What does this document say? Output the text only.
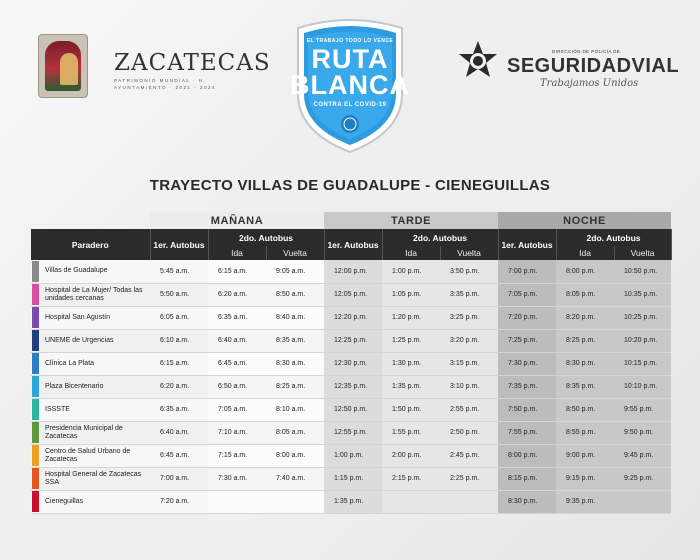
ZACATECAS
PATRIMONIO MUNDIAL · H. AYUNTAMIENTO · 2021 - 2024
EL TRABAJO TODO LO VENCE
RUTA
BLANCA
CONTRA EL COVID-19
DIRECCIÓN DE POLICÍA DE
SEGURIDADVIAL
Trabajamos Unidos
TRAYECTO VILLAS DE GUADALUPE - CIENEGUILLAS
		MAÑANA			TARDE			NOCHE		
Paradero		1er. Autobus	2do. Autobus		1er. Autobus	2do. Autobus		1er. Autobus	2do. Autobus	
			Ida	Vuelta		Ida	Vuelta		Ida	Vuelta

	Villas de Guadalupe	5:45 a.m.	6:15 a.m.	9:05 a.m.	12:00 p.m.	1:00 p.m.	3:50 p.m.	7:00 p.m.	8:00 p.m.	10:50 p.m.

	Hospital de La Mujer/ Todas las unidades cercanas	5:50 a.m.	6:20 a.m.	8:50 a.m.	12:05 p.m.	1:05 p.m.	3:35 p.m.	7:05 p.m.	8:05 p.m.	10:35 p.m.

	Hospital San Agustín	6:05 a.m.	6:35 a.m.	8:40 a.m.	12:20 p.m.	1:20 p.m.	3:25 p.m.	7:20 p.m.	8:20 p.m.	10:25 p.m.

	UNEME de Urgencias	6:10 a.m.	6:40 a.m.	8:35 a.m.	12:25 p.m.	1:25 p.m.	3:20 p.m.	7:25 p.m.	8:25 p.m.	10:20 p.m.

	Clínica La Plata	6:15 a.m.	6:45 a.m.	8:30 a.m.	12:30 p.m.	1:30 p.m.	3:15 p.m.	7:30 p.m.	8:30 p.m.	10:15 p.m.

	Plaza Bicentenario	6:20 a.m.	6:50 a.m.	8:25 a.m.	12:35 p.m.	1:35 p.m.	3:10 p.m.	7:35 p.m.	8:35 p.m.	10:10 p.m.

	ISSSTE	6:35 a.m.	7:05 a.m.	8:10 a.m.	12:50 p.m.	1:50 p.m.	2:55 p.m.	7:50 p.m.	8:50 p.m.	9:55 p.m.

	Presidencia Municipal de Zacatecas	6:40 a.m.	7:10 a.m.	8:05 a.m.	12:55 p.m.	1:55 p.m.	2:50 p.m.	7:55 p.m.	8:55 p.m.	9:50 p.m.

	Centro de Salud Urbano de Zacatecas	6:45 a.m.	7:15 a.m.	8:00 a.m.	1:00 p.m.	2:00 p.m.	2:45 p.m.	8:00 p.m.	9:00 p.m.	9:45 p.m.

	Hospital General de Zacatecas SSA	7:00 a.m.	7:30 a.m.	7:40 a.m.	1:15 p.m.	2:15 p.m.	2:25 p.m.	8:15 p.m.	9:15 p.m.	9:25 p.m.

	Cieneguillas	7:20 a.m.			1:35 p.m.			8:30 p.m.	9:35 p.m.	
